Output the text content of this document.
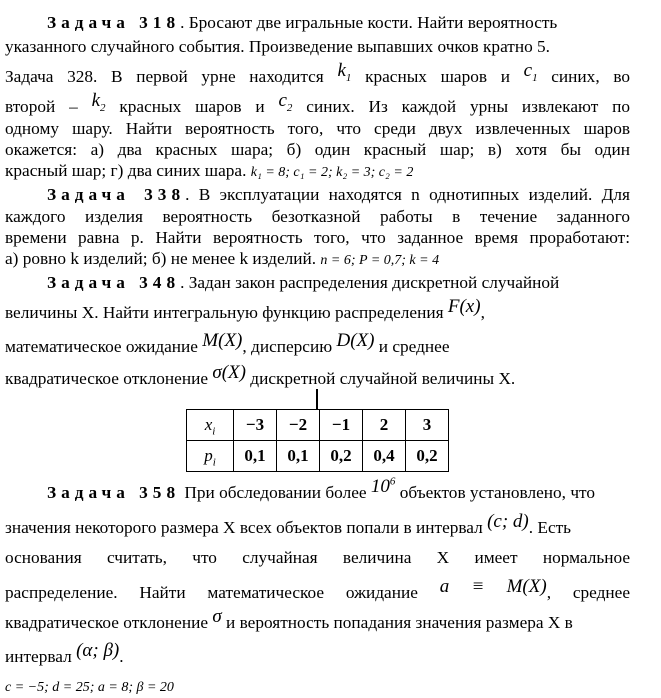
Задача 318. Бросают две игральные кости. Найти вероятность
указанного случайного события. Произведение выпавших очков кратно 5.
Задача 328. В первой урне находится $k_1$ красных шаров и $c_1$ синих, во
второй – $k_2$ красных шаров и $c_2$ синих. Из каждой урны извлекают по
одному шару. Найти вероятность того, что среди двух извлеченных шаров
окажется: а) два красных шара; б) один красный шар; в) хотя бы один
красный шар; г) два синих шара. k₁ = 8; c₁ = 2; k₂ = 3; c₂ = 2
Задача 338. В эксплуатации находятся n однотипных изделий. Для
каждого изделия вероятность безотказной работы в течение заданного
времени равна p. Найти вероятность того, что заданное время проработают:
а) ровно k изделий; б) не менее k изделий. n = 6; P = 0,7; k = 4
Задача 348. Задан закон распределения дискретной случайной
величины X. Найти интегральную функцию распределения F(x),
математическое ожидание M(X), дисперсию D(X) и среднее
квадратическое отклонение σ(X) дискретной случайной величины X.
$x_i$	−3	−2	−1	2	3
$p_i$	0,1	0,1	0,2	0,4	0,2
Задача 358 При обследовании более $10^6$ объектов установлено, что
значения некоторого размера X всех объектов попали в интервал (c; d). Есть
основания считать, что случайная величина X имеет нормальное
распределение. Найти математическое ожидание a ≡ M(X), среднее
квадратическое отклонение σ и вероятность попадания значения размера X в
интервал (α; β).
c = −5; d = 25; a = 8; β = 20
